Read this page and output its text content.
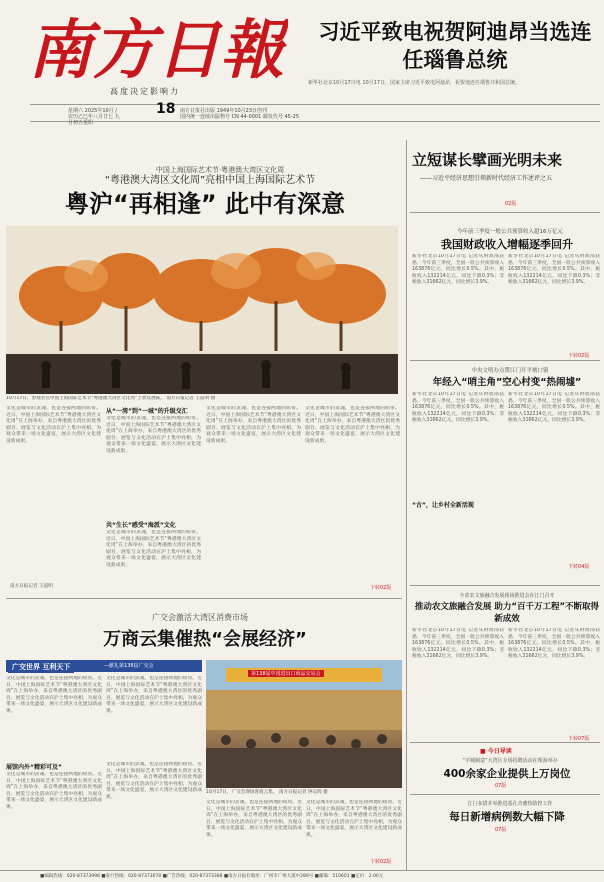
南方日報
高度决定影响力
习近平致电祝贺阿迪昂当选连任瑙鲁总统
新华社北京10月17日电 10月17日，国家主席习近平致电阿迪昂，祝贺他连任瑙鲁共和国总统。
星期六 2025年10月 / 农历乙巳年八月廿七 九月初五重阳
18 南方日报社出版 1949年10月23日创刊
国内统一连续出版物号 CN 44-0001 邮发代号 45-25
中国上海国际艺术节·粤港澳大湾区文化周
“粤港澳大湾区文化周”亮相中国上海国际艺术节
粤沪“再相逢” 此中有深意
10月17日，参观者在中国上海国际艺术节“粤港澳大湾区文化周”上欣赏展陈。 南方日报记者 王道明 摄
文化是城市的灵魂，也是连接两地的纽带。近日，中国上海国际艺术节“粤港澳大湾区文化周”在上海举办，来自粤港澳大湾区的优秀剧目、展览与文化活动在沪上集中亮相，为观众带来一场文化盛宴，展示大湾区文化建设新成果。
从“一湾”到“一城”的升级交汇
文化是城市的灵魂，也是连接两地的纽带。近日，中国上海国际艺术节“粤港澳大湾区文化周”在上海举办，来自粤港澳大湾区的优秀剧目、展览与文化活动在沪上集中亮相，为观众带来一场文化盛宴，展示大湾区文化建设新成果。
共“生长”感受“海派”文化
文化是城市的灵魂，也是连接两地的纽带。近日，中国上海国际艺术节“粤港澳大湾区文化周”在上海举办，来自粤港澳大湾区的优秀剧目、展览与文化活动在沪上集中亮相，为观众带来一场文化盛宴，展示大湾区文化建设新成果。
文化是城市的灵魂，也是连接两地的纽带。近日，中国上海国际艺术节“粤港澳大湾区文化周”在上海举办，来自粤港澳大湾区的优秀剧目、展览与文化活动在沪上集中亮相，为观众带来一场文化盛宴，展示大湾区文化建设新成果。
文化是城市的灵魂，也是连接两地的纽带。近日，中国上海国际艺术节“粤港澳大湾区文化周”在上海举办，来自粤港澳大湾区的优秀剧目、展览与文化活动在沪上集中亮相，为观众带来一场文化盛宴，展示大湾区文化建设新成果。
南方日报记者 王道明	下转02版
立短谋长擘画光明未来
——习近平经济思想引领新时代经济工作述评之五
02版
今年前三季度一般公共预算收入超16万亿元
我国财政收入增幅逐季回升
新华社北京10月17日电 记者从财政部获悉，今年前三季度，全国一般公共预算收入163876亿元，同比增长0.5%。其中，税收收入132214亿元，同比下降0.3%；非税收入31662亿元，同比增长3.9%。
新华社北京10月17日电 记者从财政部获悉，今年前三季度，全国一般公共预算收入163876亿元，同比增长0.5%。其中，税收收入132214亿元，同比下降0.3%；非税收入31662亿元，同比增长3.9%。
下转02版
中央文明办点赞江门开平塘口镇
年经入“哨主角”空心村变“热闹墟”
新华社北京10月17日电 记者从财政部获悉，今年前三季度，全国一般公共预算收入163876亿元，同比增长0.5%。其中，税收收入132214亿元，同比下降0.3%；非税收入31662亿元，同比增长3.9%。
“古”，让乡村全新活现
新华社北京10月17日电 记者从财政部获悉，今年前三季度，全国一般公共预算收入163876亿元，同比增长0.5%。其中，税收收入132214亿元，同比下降0.3%；非税收入31662亿元，同比增长3.9%。
下转04版
全省农文旅融合发展现场推进会在江门召开
推动农文旅融合发展 助力“百千万工程”不断取得新成效
新华社北京10月17日电 记者从财政部获悉，今年前三季度，全国一般公共预算收入163876亿元，同比增长0.5%。其中，税收收入132214亿元，同比下降0.3%；非税收入31662亿元，同比增长3.9%。
新华社北京10月17日电 记者从财政部获悉，今年前三季度，全国一般公共预算收入163876亿元，同比增长0.5%。其中，税收收入132214亿元，同比下降0.3%；非税收入31662亿元，同比增长3.9%。
下转07版
■ 今日导读
“羊城制造”大湾区专场招聘活动在珠海举办
400余家企业提供上万岗位
07版
江门多措并举推进基孔肯雅热防控工作
每日新增病例数大幅下降
07版
广交会激活大湾区消费市场
万商云集催热“会展经济”
广交世界 互利天下	—献礼第138届广交会
文化是城市的灵魂，也是连接两地的纽带。近日，中国上海国际艺术节“粤港澳大湾区文化周”在上海举办，来自粤港澳大湾区的优秀剧目、展览与文化活动在沪上集中亮相，为观众带来一场文化盛宴，展示大湾区文化建设新成果。
文化是城市的灵魂，也是连接两地的纽带。近日，中国上海国际艺术节“粤港澳大湾区文化周”在上海举办，来自粤港澳大湾区的优秀剧目、展览与文化活动在沪上集中亮相，为观众带来一场文化盛宴，展示大湾区文化建设新成果。
展馆内外“精彩可及”
文化是城市的灵魂，也是连接两地的纽带。近日，中国上海国际艺术节“粤港澳大湾区文化周”在上海举办，来自粤港澳大湾区的优秀剧目、展览与文化活动在沪上集中亮相，为观众带来一场文化盛宴，展示大湾区文化建设新成果。
文化是城市的灵魂，也是连接两地的纽带。近日，中国上海国际艺术节“粤港澳大湾区文化周”在上海举办，来自粤港澳大湾区的优秀剧目、展览与文化活动在沪上集中亮相，为观众带来一场文化盛宴，展示大湾区文化建设新成果。
第138届中国进出口商品交易会
10月17日，广交会现场客商云集。 南方日报记者 钟志辉 摄
文化是城市的灵魂，也是连接两地的纽带。近日，中国上海国际艺术节“粤港澳大湾区文化周”在上海举办，来自粤港澳大湾区的优秀剧目、展览与文化活动在沪上集中亮相，为观众带来一场文化盛宴，展示大湾区文化建设新成果。
文化是城市的灵魂，也是连接两地的纽带。近日，中国上海国际艺术节“粤港澳大湾区文化周”在上海举办，来自粤港澳大湾区的优秀剧目、展览与文化活动在沪上集中亮相，为观众带来一场文化盛宴，展示大湾区文化建设新成果。
下转02版
■编辑热线：020-87373998 ■发行热线：020-87373078 ■广告热线：020-87373388 ■南方日报社地址：广州市广州大道中289号 ■邮编：510601 ■定价：2.00元
